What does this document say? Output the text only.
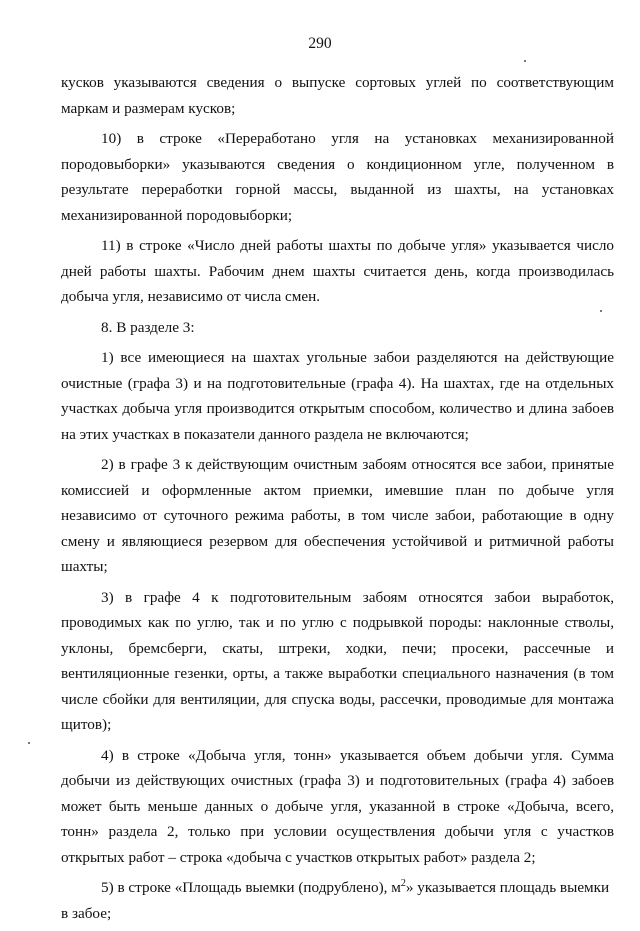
290

кусков указываются сведения о выпуске сортовых углей по соответствующим маркам и размерам кусков;

10) в строке «Переработано угля на установках механизированной породовыборки» указываются сведения о кондиционном угле, полученном в результате переработки горной массы, выданной из шахты, на установках механизированной породовыборки;

11) в строке «Число дней работы шахты по добыче угля» указывается число дней работы шахты. Рабочим днем шахты считается день, когда производилась добыча угля, независимо от числа смен.

8. В разделе 3:

1) все имеющиеся на шахтах угольные забои разделяются на действующие очистные (графа 3) и на подготовительные (графа 4). На шахтах, где на отдельных участках добыча угля производится открытым способом, количество и длина забоев на этих участках в показатели данного раздела не включаются;

2) в графе 3 к действующим очистным забоям относятся все забои, принятые комиссией и оформленные актом приемки, имевшие план по добыче угля независимо от суточного режима работы, в том числе забои, работающие в одну смену и являющиеся резервом для обеспечения устойчивой и ритмичной работы шахты;

3) в графе 4 к подготовительным забоям относятся забои выработок, проводимых как по углю, так и по углю с подрывкой породы: наклонные стволы, уклоны, бремсберги, скаты, штреки, ходки, печи; просеки, рассечные и вентиляционные гезенки, орты, а также выработки специального назначения (в том числе сбойки для вентиляции, для спуска воды, рассечки, проводимые для монтажа щитов);

4) в строке «Добыча угля, тонн» указывается объем добычи угля. Сумма добычи из действующих очистных (графа 3) и подготовительных (графа 4) забоев может быть меньше данных о добыче угля, указанной в строке «Добыча, всего, тонн» раздела 2, только при условии осуществления добычи угля с участков открытых работ – строка «добыча с участков открытых работ» раздела 2;

5) в строке «Площадь выемки (подрублено), $м^2$» указывается площадь выемки в забое;
